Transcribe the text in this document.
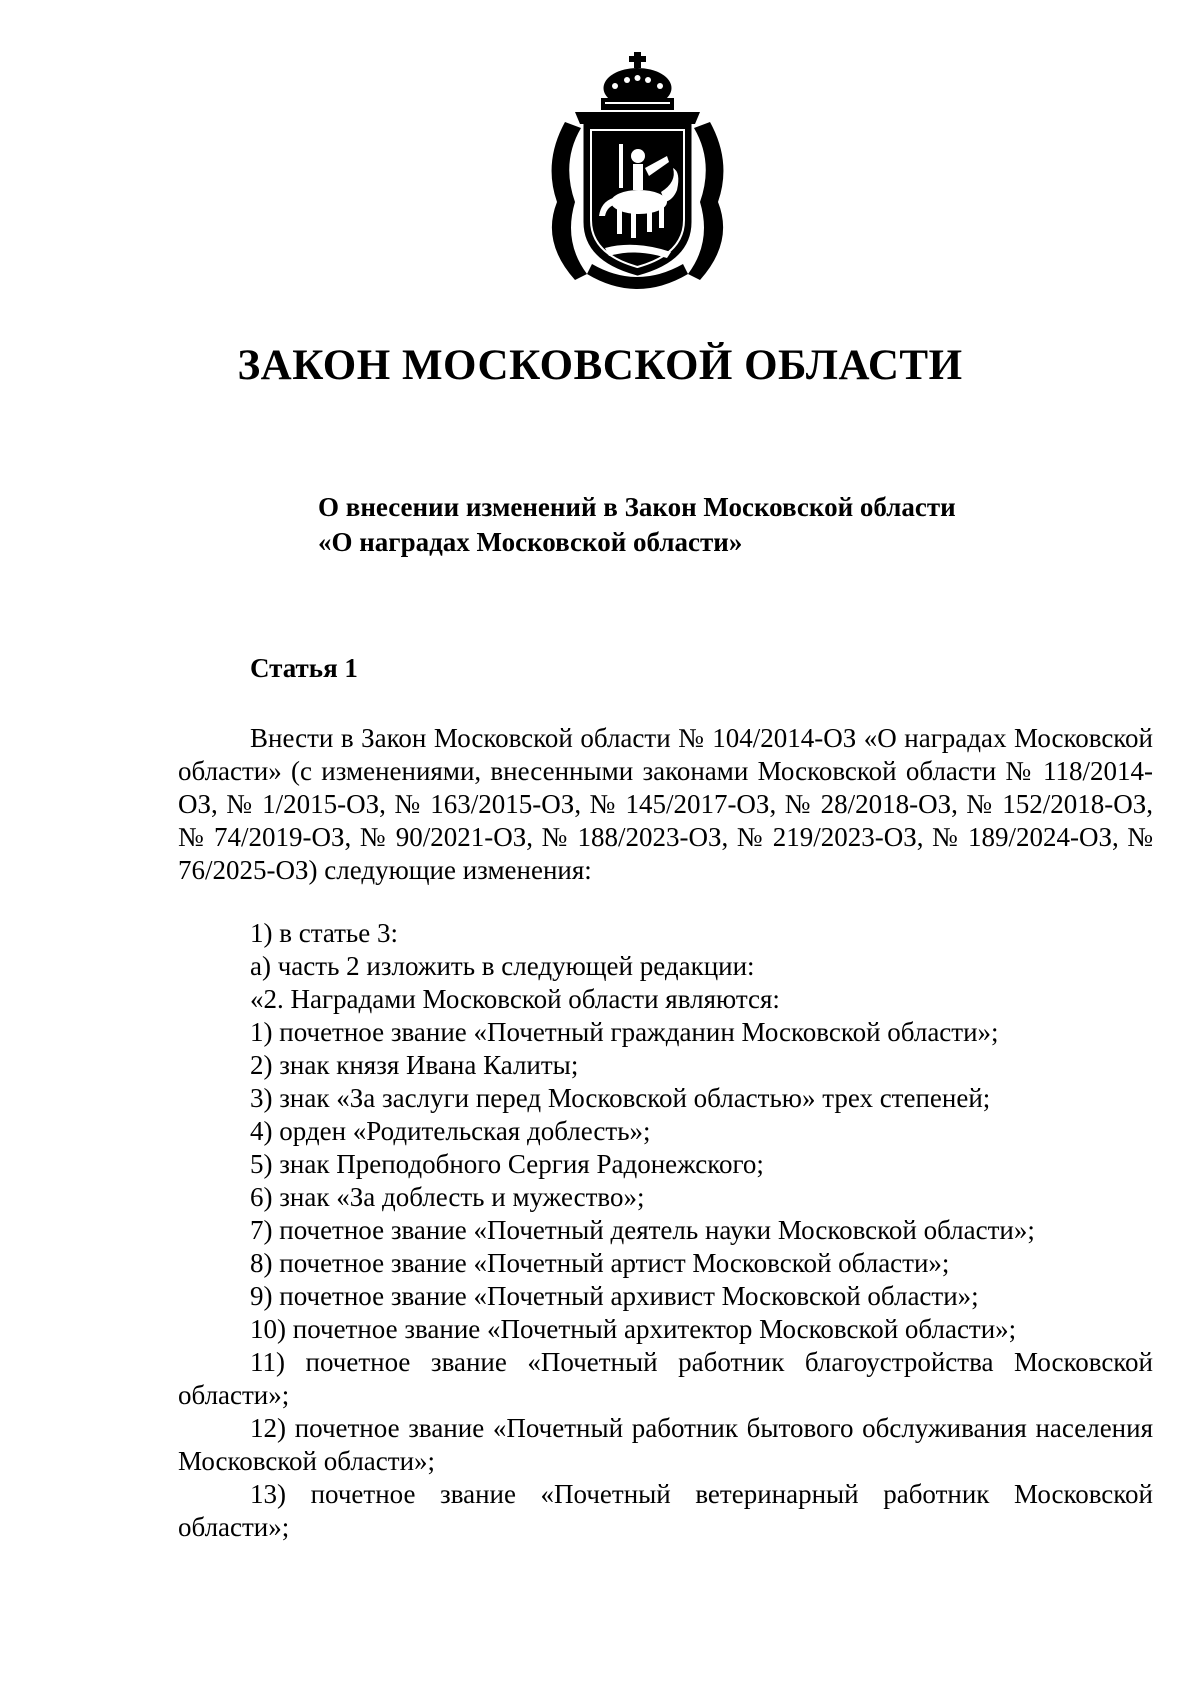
ЗАКОН МОСКОВСКОЙ ОБЛАСТИ
О внесении изменений в Закон Московской области
«О наградах Московской области»
Статья 1

Внести в Закон Московской области № 104/2014-ОЗ «О наградах Московской области» (с изменениями, внесенными законами Московской области № 118/2014-ОЗ, № 1/2015-ОЗ, № 163/2015-ОЗ, № 145/2017-ОЗ, № 28/2018-ОЗ, № 152/2018-ОЗ, № 74/2019-ОЗ, № 90/2021-ОЗ, № 188/2023-ОЗ, № 219/2023-ОЗ, № 189/2024-ОЗ, № 76/2025-ОЗ) следующие изменения:

1) в статье 3:

а) часть 2 изложить в следующей редакции:

«2. Наградами Московской области являются:

1) почетное звание «Почетный гражданин Московской области»;

2) знак князя Ивана Калиты;

3) знак «За заслуги перед Московской областью» трех степеней;

4) орден «Родительская доблесть»;

5) знак Преподобного Сергия Радонежского;

6) знак «За доблесть и мужество»;

7) почетное звание «Почетный деятель науки Московской области»;

8) почетное звание «Почетный артист Московской области»;

9) почетное звание «Почетный архивист Московской области»;

10) почетное звание «Почетный архитектор Московской области»;

11) почетное звание «Почетный работник благоустройства Московской области»;

12) почетное звание «Почетный работник бытового обслуживания населения Московской области»;

13) почетное звание «Почетный ветеринарный работник Московской области»;
